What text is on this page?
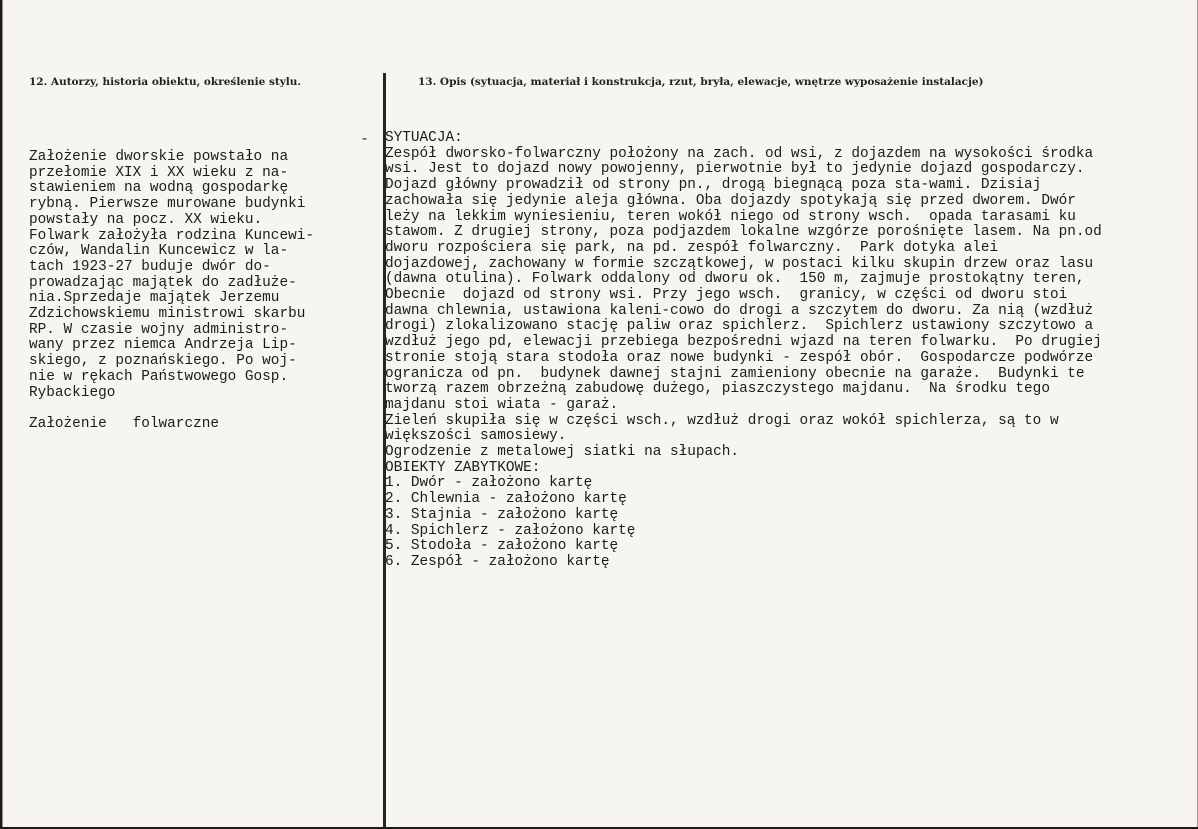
12. Autorzy, historia obiektu, określenie stylu.	13. Opis (sytuacja, materiał i konstrukcja, rzut, bryła, elewacje, wnętrze wyposażenie instalacje)
-
Założenie dworskie powstało na
przełomie XIX i XX wieku z na-
stawieniem na wodną gospodarkę
rybną. Pierwsze murowane budynki
powstały na pocz. XX wieku.
Folwark założyła rodzina Kuncewi-
czów, Wandalin Kuncewicz w la-
tach 1923-27 buduje dwór do-
prowadzając majątek do zadłuże-
nia.Sprzedaje majątek Jerzemu
Zdzichowskiemu ministrowi skarbu
RP. W czasie wojny administro-
wany przez niemca Andrzeja Lip-
skiego, z poznańskiego. Po woj-
nie w rękach Państwowego Gosp.
Rybackiego
Założenie   folwarczne
SYTUACJA:
Zespół dworsko-folwarczny położony na zach. od wsi, z dojazdem na wysokości środka
wsi. Jest to dojazd nowy powojenny, pierwotnie był to jedynie dojazd gospodarczy.
Dojazd główny prowadził od strony pn., drogą biegnącą poza sta-wami. Dzisiaj
zachowała się jedynie aleja główna. Oba dojazdy spotykają się przed dworem. Dwór
leży na lekkim wyniesieniu, teren wokół niego od strony wsch.  opada tarasami ku
stawom. Z drugiej strony, poza podjazdem lokalne wzgórze porośnięte lasem. Na pn.od
dworu rozpościera się park, na pd. zespół folwarczny.  Park dotyka alei
dojazdowej, zachowany w formie szczątkowej, w postaci kilku skupin drzew oraz lasu
(dawna otulina). Folwark oddalony od dworu ok.  150 m, zajmuje prostokątny teren,
Obecnie  dojazd od strony wsi. Przy jego wsch.  granicy, w części od dworu stoi
dawna chlewnia, ustawiona kaleni-cowo do drogi a szczytem do dworu. Za nią (wzdłuż
drogi) zlokalizowano stację paliw oraz spichlerz.  Spichlerz ustawiony szczytowo a
wzdłuż jego pd, elewacji przebiega bezpośredni wjazd na teren folwarku.  Po drugiej
stronie stoją stara stodoła oraz nowe budynki - zespół obór.  Gospodarcze podwórze
ogranicza od pn.  budynek dawnej stajni zamieniony obecnie na garaże.  Budynki te
tworzą razem obrzeżną zabudowę dużego, piaszczystego majdanu.  Na środku tego
majdanu stoi wiata - garaż.
Zieleń skupiła się w części wsch., wzdłuż drogi oraz wokół spichlerza, są to w
większości samosiewy.
Ogrodzenie z metalowej siatki na słupach.
OBIEKTY ZABYTKOWE:
1. Dwór - założono kartę
2. Chlewnia - założono kartę
3. Stajnia - założono kartę
4. Spichlerz - założono kartę
5. Stodoła - założono kartę
6. Zespół - założono kartę
